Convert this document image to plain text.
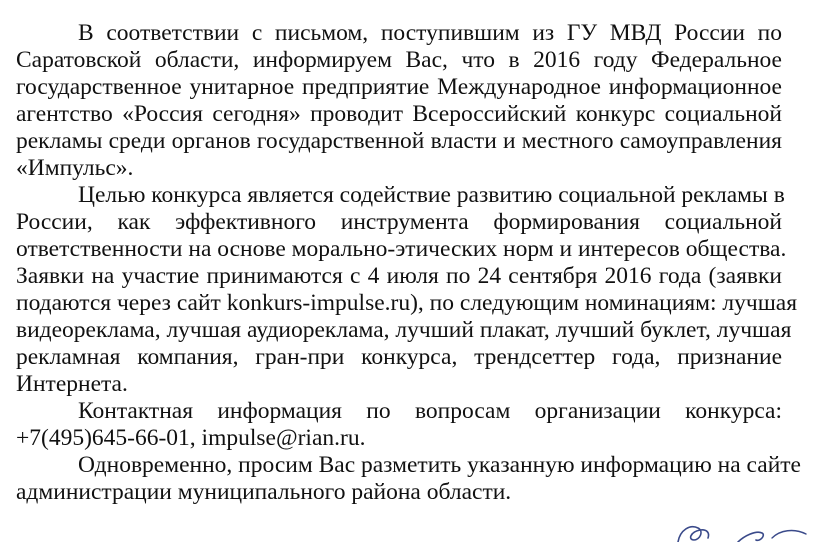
В соответствии с письмом, поступившим из ГУ МВД России по
Саратовской области, информируем Вас, что в 2016 году Федеральное
государственное унитарное предприятие Международное информационное
агентство «Россия сегодня» проводит Всероссийский конкурс социальной
рекламы среди органов государственной власти и местного самоуправления
«Импульс».
Целью конкурса является содействие развитию социальной рекламы в
России, как эффективного инструмента формирования социальной
ответственности на основе морально-этических норм и интересов общества.
Заявки на участие принимаются с 4 июля по 24 сентября 2016 года (заявки
подаются через сайт konkurs-impulse.ru), по следующим номинациям: лучшая
видеореклама, лучшая аудиореклама, лучший плакат, лучший буклет, лучшая
рекламная компания, гран-при конкурса, трендсеттер года, признание
Интернета.
Контактная информация по вопросам организации конкурса:
+7(495)645-66-01, impulse@rian.ru.
Одновременно, просим Вас разметить указанную информацию на сайте
администрации муниципального района области.
